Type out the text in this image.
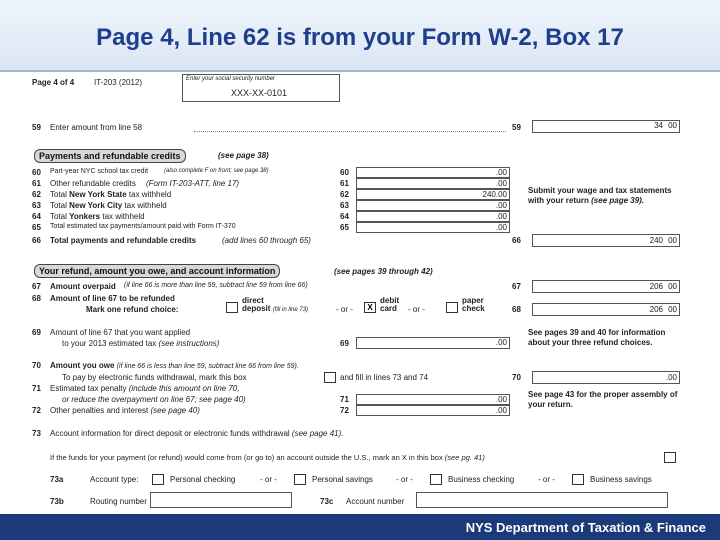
Page 4, Line 62 is from your Form W-2, Box 17
Page 4 of 4 IT-203 (2012)	Enter your social security number
XXX-XX-0101
59 Enter amount from line 58	59	34 00
Payments and refundable credits	(see page 38)
60 Part-year NYC school tax credit	(also complete F on front; see page 38)	60	.00
61 Other refundable credits (Form IT-203-ATT, line 17)	61	.00
62 Total New York State tax withheld	62	240.00
63 Total New York City tax withheld	63	.00
64 Total Yonkers tax withheld	64	.00
65 Total estimated tax payments/amount paid with Form IT-370	65	.00
66 Total payments and refundable credits	(add lines 60 through 65)	66	240 00
Submit your wage and tax statements with your return (see page 39).
Your refund, amount you owe, and account information	(see pages 39 through 42)
67 Amount overpaid (if line 66 is more than line 59, subtract line 59 from line 66)	67	206 00
68 Amount of line 67 to be refunded
Mark one refund choice:
direct
deposit (fill in line 73)	- or -	X
debit
card - or -
paper
check	68	206 00
69 Amount of line 67 that you want applied
to your 2013 estimated tax (see instructions)	69	.00
See pages 39 and 40 for information about your three refund choices.
70 Amount you owe (if line 66 is less than line 59, subtract line 66 from line 59).
To pay by electronic funds withdrawal, mark this box	and fill in lines 73 and 74	70	.00
71 Estimated tax penalty (include this amount on line 70,
or reduce the overpayment on line 67; see page 40)	71	.00
72 Other penalties and interest (see page 40)	72	.00
See page 43 for the proper assembly of your return.
73 Account information for direct deposit or electronic funds withdrawal (see page 41).
If the funds for your payment (or refund) would come from (or go to) an account outside the U.S., mark an X in this box (see pg. 41)
73a	Account type:	Personal checking	- or -	Personal savings	- or -	Business checking	- or -	Business savings
73b	Routing number	73c Account number
NYS Department of Taxation & Finance
